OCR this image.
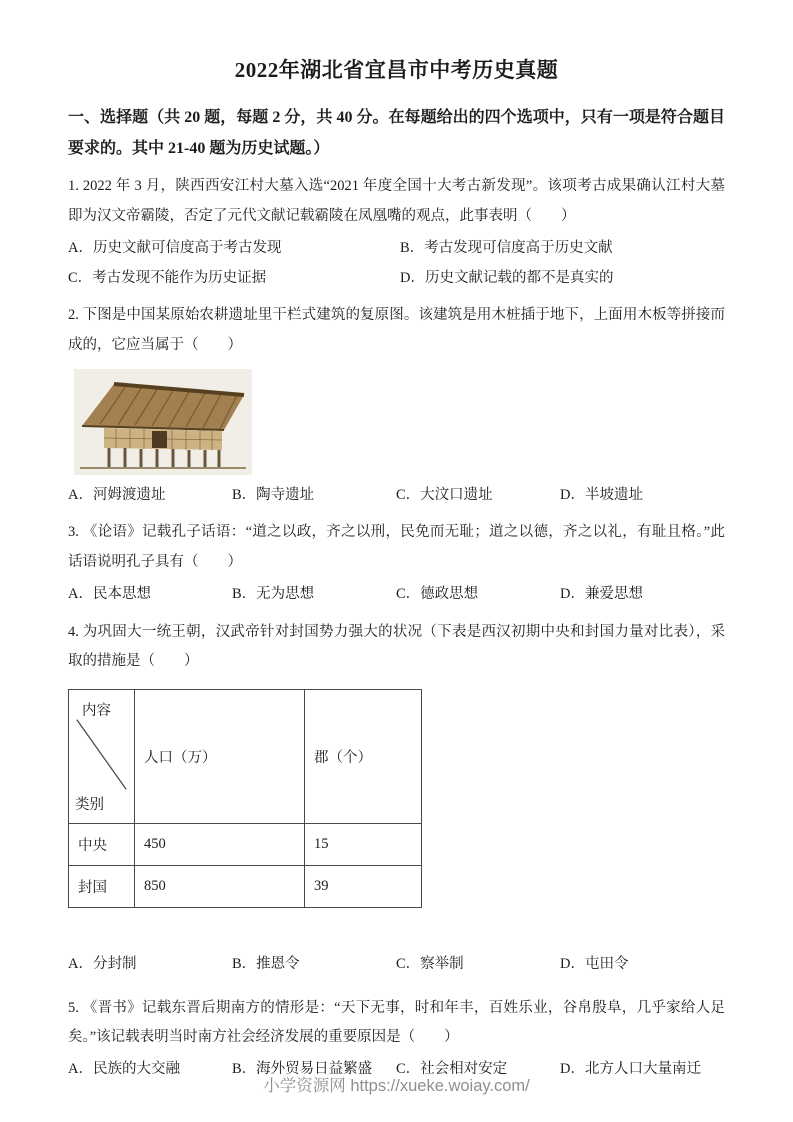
2022年湖北省宜昌市中考历史真题

一、选择题（共 20 题，每题 2 分，共 40 分。在每题给出的四个选项中，只有一项是符合题目要求的。其中 21-40 题为历史试题。）

1. 2022 年 3 月，陕西西安江村大墓入选“2021 年度全国十大考古新发现”。该项考古成果确认江村大墓即为汉文帝霸陵，否定了元代文献记载霸陵在凤凰嘴的观点，此事表明（　　）

A．历史文献可信度高于考古发现	B．考古发现可信度高于历史文献
C．考古发现不能作为历史证据	D．历史文献记载的都不是真实的

2. 下图是中国某原始农耕遗址里干栏式建筑的复原图。该建筑是用木桩插于地下，上面用木板等拼接而成的，它应当属于（　　）

A．河姆渡遗址	B．陶寺遗址	C．大汶口遗址	D．半坡遗址

3. 《论语》记载孔子话语：“道之以政，齐之以刑，民免而无耻；道之以德，齐之以礼，有耻且格。”此话语说明孔子具有（　　）

A．民本思想	B．无为思想	C．德政思想	D．兼爱思想

4. 为巩固大一统王朝，汉武帝针对封国势力强大的状况（下表是西汉初期中央和封国力量对比表），采取的措施是（　　）

内容
类别	人口（万）	郡（个）
中央	450	15
封国	850	39
A．分封制	B．推恩令	C．察举制	D．屯田令

5. 《晋书》记载东晋后期南方的情形是：“天下无事，时和年丰，百姓乐业，谷帛殷阜，几乎家给人足矣。”该记载表明当时南方社会经济发展的重要原因是（　　）

A．民族的大交融	B．海外贸易日益繁盛	C．社会相对安定	D．北方人口大量南迁
小学资源网 https://xueke.woiay.com/
